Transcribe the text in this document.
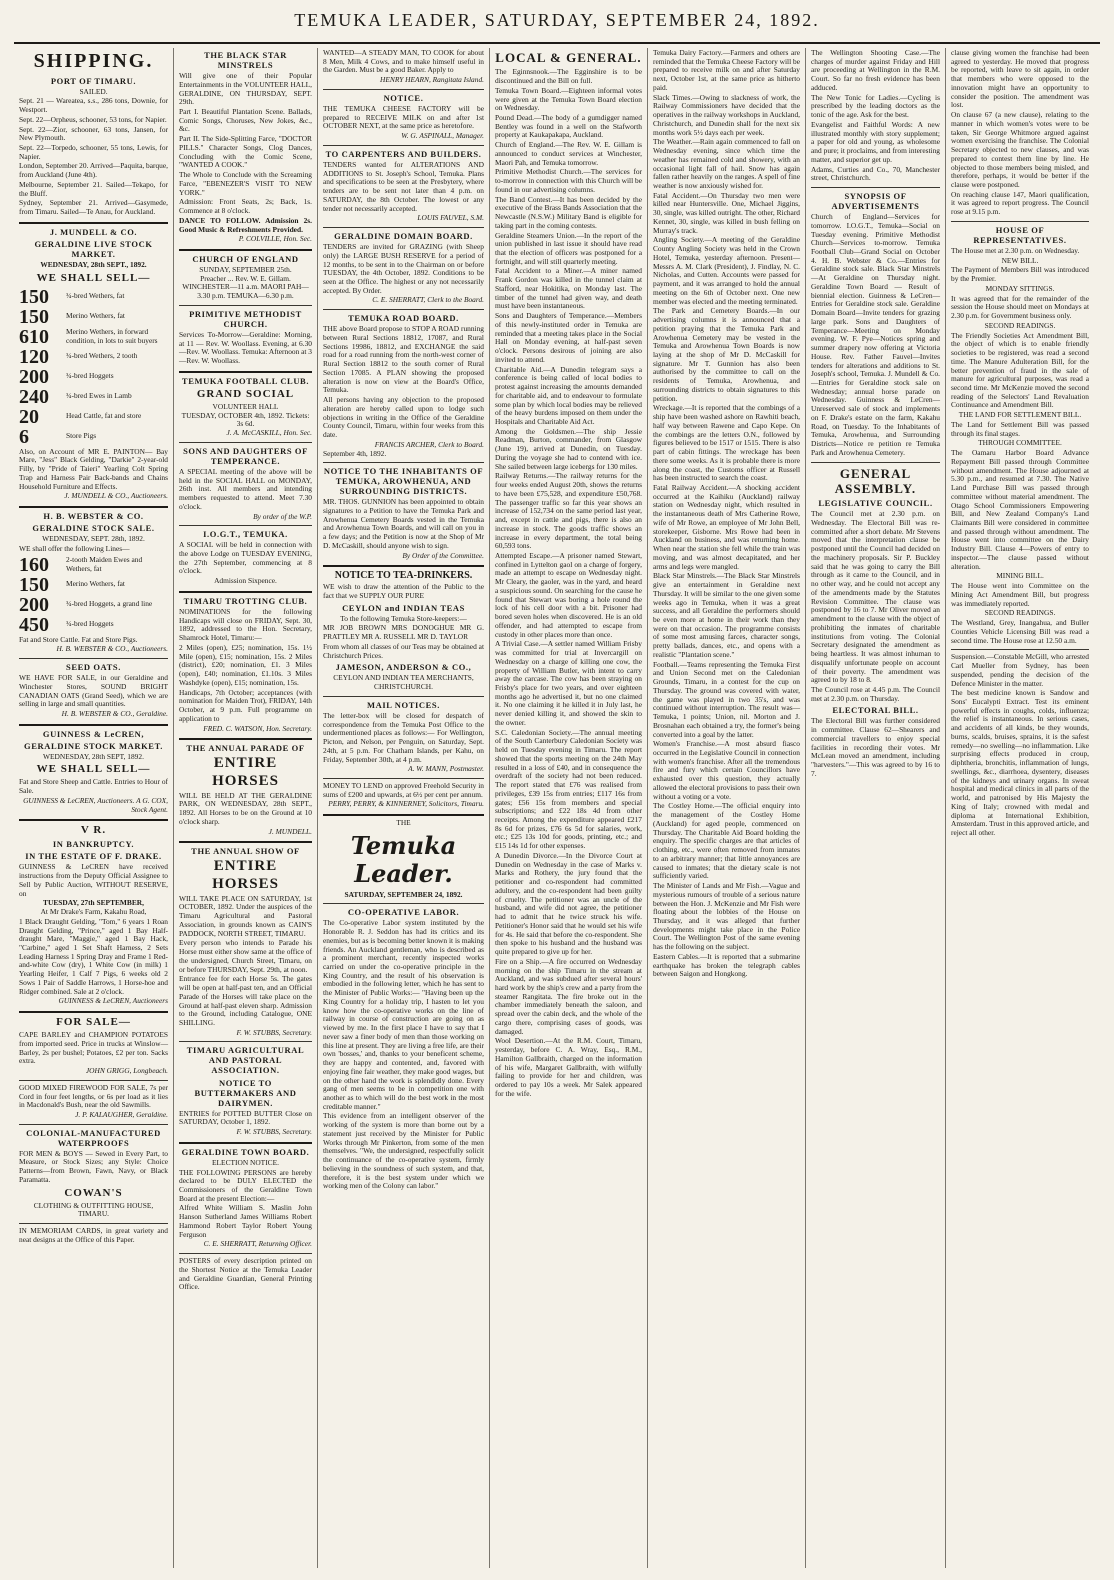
TEMUKA LEADER, SATURDAY, SEPTEMBER 24, 1892.
SHIPPING.
PORT OF TIMARU.
SAILED.
Sept. 21 — Wareatea, s.s., 286 tons, Downie, for Westport.
Sept. 22—Orpheus, schooner, 53 tons, for Napier.
Sept. 22—Zior, schooner, 63 tons, Jansen, for New Plymouth.
Sept. 22—Torpedo, schooner, 55 tons, Lewis, for Napier.
London, September 20. Arrived—Paquita, barque, from Auckland (June 4th).
Melbourne, September 21. Sailed—Tekapo, for the Bluff.
Sydney, September 21. Arrived—Gasymede, from Timaru. Sailed—Te Anau, for Auckland.
J. MUNDELL & CO.
GERALDINE LIVE STOCK MARKET.
WEDNESDAY, 28th SEPT., 1892.
WE SHALL SELL—
150	¾-bred Wethers, fat
150	Merino Wethers, fat
610	Merino Wethers, in forward condition, in lots to suit buyers
120	¾-bred Wethers, 2 tooth
200	¾-bred Hoggets
240	¾-bred Ewes in Lamb
20	Head Cattle, fat and store
6	Store Pigs
Also, on Account of MR E. PAINTON— Bay Mare, "Jess" Black Gelding, "Darkie" 2-year-old Filly, by "Pride of Taieri" Yearling Colt Spring Trap and Harness Pair Back-bands and Chains Household Furniture and Effects.
J. MUNDELL & CO., Auctioneers.
H. B. WEBSTER & CO.
GERALDINE STOCK SALE.
WEDNESDAY, SEPT. 28th, 1892.
WE shall offer the following Lines—
160	2-tooth Maiden Ewes and Wethers, fat
150	Merino Wethers, fat
200	¾-bred Hoggets, a grand line
450	¾-bred Hoggets
Fat and Store Cattle. Fat and Store Pigs.
H. B. WEBSTER & CO., Auctioneers.
SEED OATS.
WE HAVE FOR SALE, in our Geraldine and Winchester Stores, SOUND BRIGHT CANADIAN OATS (Grand Seed), which we are selling in large and small quantities.
H. B. WEBSTER & CO., Geraldine.
GUINNESS & LeCREN,
GERALDINE STOCK MARKET.
WEDNESDAY, 28th SEPT, 1892.
WE SHALL SELL—
Fat and Store Sheep and Cattle. Entries to Hour of Sale.
GUINNESS & LeCREN, Auctioneers. A G. COX, Stock Agent.
V R.
IN BANKRUPTCY.
IN THE ESTATE OF F. DRAKE.
GUINNESS & LeCREN have received instructions from the Deputy Official Assignee to Sell by Public Auction, WITHOUT RESERVE, on
TUESDAY, 27th SEPTEMBER,
At Mr Drake's Farm, Kakahu Road,
1 Black Draught Gelding, "Tom," 6 years 1 Roan Draught Gelding, "Prince," aged 1 Bay Half-draught Mare, "Maggie," aged 1 Bay Hack, "Carbine," aged 1 Set Shaft Harness, 2 Sets Leading Harness 1 Spring Dray and Frame 1 Red-and-white Cow (dry), 1 White Cow (in milk) 1 Yearling Heifer, 1 Calf 7 Pigs, 6 weeks old 2 Sows 1 Pair of Saddle Harrows, 1 Horse-hoe and Ridger combined. Sale at 2 o'clock.
GUINNESS & LeCREN, Auctioneers
FOR SALE—
CAPE BARLEY and CHAMPION POTATOES from imported seed. Price in trucks at Winslow—Barley, 2s per bushel; Potatoes, £2 per ton. Sacks extra.
JOHN GRIGG, Longbeach.
GOOD MIXED FIREWOOD FOR SALE, 7s per Cord in four feet lengths, or 6s per load as it lies in Macdonald's Bush, near the old Sawmills.
J. P. KALAUGHER, Geraldine.
COLONIAL-MANUFACTURED WATERPROOFS
FOR MEN & BOYS — Sewed in Every Part, to Measure, or Stock Sizes; any Style: Choice Patterns—from Brown, Fawn, Navy, or Black Paramatta.
COWAN'S
CLOTHING & OUTFITTING HOUSE, TIMARU.
IN MEMORIAM CARDS, in great variety and neat designs at the Office of this Paper.
THE BLACK STAR MINSTRELS
Will give one of their Popular Entertainments in the VOLUNTEER HALL, GERALDINE, ON THURSDAY, SEPT. 29th.
Part I. Beautiful Plantation Scene. Ballads, Comic Songs, Choruses, New Jokes, &c., &c.
Part II. The Side-Splitting Farce, "DOCTOR PILLS." Character Songs, Clog Dances, Concluding with the Comic Scene, "WANTED A COOK."
The Whole to Conclude with the Screaming Farce, "EBENEZER'S VISIT TO NEW YORK."
Admission: Front Seats, 2s; Back, 1s. Commence at 8 o'clock.
DANCE TO FOLLOW. Admission 2s. Good Music & Refreshments Provided.
P. COLVILLE, Hon. Sec.
CHURCH OF ENGLAND
SUNDAY, SEPTEMBER 25th.
Preacher ... Rev. W. E. Gillam.
WINCHESTER—11 a.m. MAORI PAH—3.30 p.m. TEMUKA—6.30 p.m.
PRIMITIVE METHODIST CHURCH.
Services To-Morrow—Geraldine: Morning, at 11 — Rev. W. Woollass. Evening, at 6.30—Rev. W. Woollass. Temuka: Afternoon at 3—Rev. W. Woollass.
TEMUKA FOOTBALL CLUB.
GRAND SOCIAL
VOLUNTEER HALL
TUESDAY, OCTOBER 4th, 1892. Tickets: 3s 6d.
J. A. McCASKILL, Hon. Sec.
SONS AND DAUGHTERS OF TEMPERANCE.
A SPECIAL meeting of the above will be held in the SOCIAL HALL on MONDAY, 26th inst. All members and intending members requested to attend. Meet 7.30 o'clock.
By order of the W.P.
I.O.G.T., TEMUKA.
A SOCIAL will be held in connection with the above Lodge on TUESDAY EVENING, the 27th September, commencing at 8 o'clock.
Admission Sixpence.
TIMARU TROTTING CLUB.
NOMINATIONS for the following Handicaps will close on FRIDAY, Sept. 30, 1892, addressed to the Hon. Secretary, Shamrock Hotel, Timaru:—
2 Miles (open), £25; nomination, 15s. 1½ Mile (open), £15; nomination, 15s. 2 Miles (district), £20; nomination, £1. 3 Miles (open), £40; nomination, £1.10s. 3 Miles Washdyke (open), £15; nomination, 15s.
Handicaps, 7th October; acceptances (with nomination for Maiden Trot), FRIDAY, 14th October, at 9 p.m. Full programme on application to
FRED. C. WATSON, Hon. Secretary.
THE ANNUAL PARADE OF
ENTIRE HORSES
WILL BE HELD AT THE GERALDINE PARK, ON WEDNESDAY, 28th SEPT., 1892. All Horses to be on the Ground at 10 o'clock sharp.
J. MUNDELL.
THE ANNUAL SHOW OF
ENTIRE HORSES
WILL TAKE PLACE ON SATURDAY, 1st OCTOBER, 1892. Under the auspices of the Timaru Agricultural and Pastoral Association, in grounds known as CAIN'S PADDOCK, NORTH STREET, TIMARU.
Every person who intends to Parade his Horse must either show same at the office of the undersigned, Church Street, Timaru, on or before THURSDAY, Sept. 29th, at noon.
Entrance fee for each Horse 5s. The gates will be open at half-past ten, and an Official Parade of the Horses will take place on the Ground at half-past eleven sharp. Admission to the Ground, including Catalogue, ONE SHILLING.
F. W. STUBBS, Secretary.
TIMARU AGRICULTURAL AND PASTORAL ASSOCIATION.
NOTICE TO BUTTERMAKERS AND DAIRYMEN.
ENTRIES for POTTED BUTTER Close on SATURDAY, October 1, 1892.
F. W. STUBBS, Secretary.
GERALDINE TOWN BOARD.
ELECTION NOTICE.
THE FOLLOWING PERSONS are hereby declared to be DULY ELECTED the Commissioners of the Geraldine Town Board at the present Election:—
Alfred White William S. Maslin John Hanson Sutherland James Williams Robert Hammond Robert Taylor Robert Young Ferguson
C. E. SHERRATT, Returning Officer.
POSTERS of every description printed on the Shortest Notice at the Temuka Leader and Geraldine Guardian, General Printing Office.
WANTED—A STEADY MAN, TO COOK for about 8 Men, Milk 4 Cows, and to make himself useful in the Garden. Must be a good Baker. Apply to
HENRY HEARN, Rangitata Island.
NOTICE.
THE TEMUKA CHEESE FACTORY will be prepared to RECEIVE MILK on and after 1st OCTOBER NEXT, at the same price as heretofore.
W. G. ASPINALL, Manager.
TO CARPENTERS AND BUILDERS.
TENDERS wanted for ALTERATIONS AND ADDITIONS to St. Joseph's School, Temuka. Plans and specifications to be seen at the Presbytery, where tenders are to be sent not later than 4 p.m. on SATURDAY, the 8th October. The lowest or any tender not necessarily accepted.
LOUIS FAUVEL, S.M.
GERALDINE DOMAIN BOARD.
TENDERS are invited for GRAZING (with Sheep only) the LARGE BUSH RESERVE for a period of 12 months, to be sent in to the Chairman on or before TUESDAY, the 4th October, 1892. Conditions to be seen at the Office. The highest or any not necessarily accepted. By Order.
C. E. SHERRATT, Clerk to the Board.
TEMUKA ROAD BOARD.
THE above Board propose to STOP A ROAD running between Rural Sections 18812, 17087, and Rural Sections 19986, 18812, and EXCHANGE the said road for a road running from the north-west corner of Rural Section 18812 to the south corner of Rural Section 17085. A PLAN showing the proposed alteration is now on view at the Board's Office, Temuka.
All persons having any objection to the proposed alteration are hereby called upon to lodge such objections in writing in the Office of the Geraldine County Council, Timaru, within four weeks from this date.
FRANCIS ARCHER, Clerk to Board.
September 4th, 1892.
NOTICE TO THE INHABITANTS OF TEMUKA, AROWHENUA, AND SURROUNDING DISTRICTS.
MR. THOS. GUNNION has been appointed to obtain signatures to a Petition to have the Temuka Park and Arowhenua Cemetery Boards vested in the Temuka and Arowhenua Town Boards, and will call on you in a few days; and the Petition is now at the Shop of Mr D. McCaskill, should anyone wish to sign.
By Order of the Committee.
NOTICE TO TEA-DRINKERS.
WE wish to draw the attention of the Public to the fact that we SUPPLY OUR PURE
CEYLON and INDIAN TEAS
To the following Temuka Store-keepers:—
MR JOB BROWN MRS DONOGHUE MR G. PRATTLEY MR A. RUSSELL MR D. TAYLOR
From whom all classes of our Teas may be obtained at Christchurch Prices.
JAMESON, ANDERSON & CO.,
CEYLON AND INDIAN TEA MERCHANTS, CHRISTCHURCH.
MAIL NOTICES.
The letter-box will be closed for despatch of correspondence from the Temuka Post Office to the undermentioned places as follows:— For Wellington, Picton, and Nelson, per Penguin, on Saturday, Sept. 24th, at 5 p.m. For Chatham Islands, per Kahu, on Friday, September 30th, at 4 p.m.
A. W. MANN, Postmaster.
MONEY TO LEND on approved Freehold Security in sums of £200 and upwards, at 6½ per cent per annum.
PERRY, PERRY, & KINNERNEY, Solicitors, Timaru.
THE
Temuka Leader.
SATURDAY, SEPTEMBER 24, 1892.
CO-OPERATIVE LABOR.
The Co-operative Labor system instituted by the Honorable R. J. Seddon has had its critics and its enemies, but as is becoming better known it is making friends. An Auckland gentleman, who is described as a prominent merchant, recently inspected works carried on under the co-operative principle in the King Country, and the result of his observation is embodied in the following letter, which he has sent to the Minister of Public Works:— "Having been up the King Country for a holiday trip, I hasten to let you know how the co-operative works on the line of railway in course of construction are going on as viewed by me. In the first place I have to say that I never saw a finer body of men than those working on this line at present. They are living a free life, are their own 'bosses,' and, thanks to your beneficent scheme, they are happy and contented, and, favored with enjoying fine fair weather, they make good wages, but on the other hand the work is splendidly done. Every gang of men seems to be in competition one with another as to which will do the best work in the most creditable manner."
This evidence from an intelligent observer of the working of the system is more than borne out by a statement just received by the Minister for Public Works through Mr Pinkerton, from some of the men themselves. "We, the undersigned, respectfully solicit the continuance of the co-operative system, firmly believing in the soundness of such system, and that, therefore, it is the best system under which we working men of the Colony can labor."
LOCAL & GENERAL.
The Eginnsnook.—The Egginshire is to be discontinued and the Bill on full.
Temuka Town Board.—Eighteen informal votes were given at the Temuka Town Board election on Wednesday.
Pound Dead.—The body of a gumdigger named Bentley was found in a well on the Stafworth property at Kaukapakapa, Auckland.
Church of England.—The Rev. W. E. Gillam is announced to conduct services at Winchester, Maori Pah, and Temuka tomorrow.
Primitive Methodist Church.—The services for to-morrow in connection with this Church will be found in our advertising columns.
The Band Contest.—It has been decided by the executive of the Brass Bands Association that the Newcastle (N.S.W.) Military Band is eligible for taking part in the coming contests.
Geraldine Steamers Union.—In the report of the union published in last issue it should have read that the election of officers was postponed for a fortnight, and will still quarterly meeting.
Fatal Accident to a Miner.—A miner named Frank Gordon was killed in the tunnel claim at Stafford, near Hokitika, on Monday last. The timber of the tunnel had given way, and death must have been instantaneous.
Sons and Daughters of Temperance.—Members of this newly-instituted order in Temuka are reminded that a meeting takes place in the Social Hall on Monday evening, at half-past seven o'clock. Persons desirous of joining are also invited to attend.
Charitable Aid.—A Dunedin telegram says a conference is being called of local bodies to protest against increasing the amounts demanded for charitable aid, and to endeavour to formulate some plan by which local bodies may be relieved of the heavy burdens imposed on them under the Hospitals and Charitable Aid Act.
Among the Goldsmen.—The ship Jessie Readman, Burton, commander, from Glasgow (June 19), arrived at Dunedin, on Tuesday. During the voyage she had to contend with ice. She sailed between large icebergs for 130 miles.
Railway Returns.—The railway returns for the four weeks ended August 20th, shows the returns to have been £75,528, and expenditure £50,768. The passenger traffic so far this year shows an increase of 152,734 on the same period last year, and, except in cattle and pigs, there is also an increase in stock. The goods traffic shows an increase in every department, the total being 60,593 tons.
Attempted Escape.—A prisoner named Stewart, confined in Lyttelton gaol on a charge of forgery, made an attempt to escape on Wednesday night. Mr Cleary, the gaoler, was in the yard, and heard a suspicious sound. On searching for the cause he found that Stewart was boring a hole round the lock of his cell door with a bit. Prisoner had bored seven holes when discovered. He is an old offender, and had attempted to escape from custody in other places more than once.
A Trivial Case.—A settler named William Frisby was committed for trial at Invercargill on Wednesday on a charge of killing one cow, the property of William Butler, with intent to carry away the carcase. The cow has been straying on Frisby's place for two years, and over eighteen months ago he advertised it, but no one claimed it. No one claiming it he killed it in July last, he never denied killing it, and showed the skin to the owner.
S.C. Caledonian Society.—The annual meeting of the South Canterbury Caledonian Society was held on Tuesday evening in Timaru. The report showed that the sports meeting on the 24th May resulted in a loss of £40, and in consequence the overdraft of the society had not been reduced. The report stated that £76 was realised from privileges, £39 15s from entries; £117 16s from gates; £56 15s from members and special subscriptions; and £22 18s 4d from other receipts. Among the expenditure appeared £217 8s 6d for prizes, £76 6s 5d for salaries, work, etc.; £25 13s 10d for goods, printing, etc.; and £15 14s 1d for other expenses.
A Dunedin Divorce.—In the Divorce Court at Dunedin on Wednesday in the case of Marks v. Marks and Rothery, the jury found that the petitioner and co-respondent had committed adultery, and the co-respondent had been guilty of cruelty. The petitioner was an uncle of the husband, and wife did not agree, the petitioner had to admit that he twice struck his wife. Petitioner's Honor said that he would set his wife for 4s. He said that before the co-respondent. She then spoke to his husband and the husband was quite prepared to give up for her.
Fire on a Ship.—A fire occurred on Wednesday morning on the ship Timaru in the stream at Auckland, and was subdued after several hours' hard work by the ship's crew and a party from the steamer Rangitata. The fire broke out in the chamber immediately beneath the saloon, and spread over the cabin deck, and the whole of the cargo there, comprising cases of goods, was damaged.
Wool Desertion.—At the R.M. Court, Timaru, yesterday, before C. A. Wray, Esq., R.M., Hamilton Gallbraith, charged on the information of his wife, Margaret Gallbraith, with wilfully failing to provide for her and children, was ordered to pay 10s a week. Mr Salek appeared for the wife.
Temuka Dairy Factory.—Farmers and others are reminded that the Temuka Cheese Factory will be prepared to receive milk on and after Saturday next, October 1st, at the same price as hitherto paid.
Slack Times.—Owing to slackness of work, the Railway Commissioners have decided that the operatives in the railway workshops in Auckland, Christchurch, and Dunedin shall for the next six months work 5½ days each per week.
The Weather.—Rain again commenced to fall on Wednesday evening, since which time the weather has remained cold and showery, with an occasional light fall of hail. Snow has again fallen rather heavily on the ranges. A spell of fine weather is now anxiously wished for.
Fatal Accident.—On Thursday two men were killed near Huntersville. One, Michael Jiggins, 30, single, was killed outright. The other, Richard Kennet, 30, single, was killed in bush felling on Murray's track.
Angling Society.—A meeting of the Geraldine County Angling Society was held in the Crown Hotel, Temuka, yesterday afternoon. Present—Messrs A. M. Clark (President), J. Findlay, N. C. Nicholas, and Cutten. Accounts were passed for payment, and it was arranged to hold the annual meeting on the 6th of October next. One new member was elected and the meeting terminated.
The Park and Cemetery Boards.—In our advertising columns it is announced that a petition praying that the Temuka Park and Arowhenua Cemetery may be vested in the Temuka and Arowhenua Town Boards is now laying at the shop of Mr D. McCaskill for signature. Mr T. Gunnion has also been authorised by the committee to call on the residents of Temuka, Arowhenua, and surrounding districts to obtain signatures to this petition.
Wreckage.—It is reported that the combings of a ship have been washed ashore on Rawhiti beach, half way between Rawene and Capo Kepe. On the combings are the letters O.N., followed by figures believed to be 1517 or 1515. There is also part of cabin fittings. The wreckage has been there some weeks. As it is probable there is more along the coast, the Customs officer at Russell has been instructed to search the coast.
Fatal Railway Accident.—A shocking accident occurred at the Kaihiku (Auckland) railway station on Wednesday night, which resulted in the instantaneous death of Mrs Catherine Rowe, wife of Mr Rowe, an employee of Mr John Bell, storekeeper, Gisborne. Mrs Rowe had been in Auckland on business, and was returning home. When near the station she fell while the train was moving, and was almost decapitated, and her arms and legs were mangled.
Black Star Minstrels.—The Black Star Minstrels give an entertainment in Geraldine next Thursday. It will be similar to the one given some weeks ago in Temuka, when it was a great success, and all Geraldine the performers should be even more at home in their work than they were on that occasion. The programme consists of some most amusing farces, character songs, pretty ballads, dances, etc., and opens with a realistic "Plantation scene."
Football.—Teams representing the Temuka First and Union Second met on the Caledonian Grounds, Timaru, in a contest for the cup on Thursday. The ground was covered with water, the game was played in two 35's, and was continued without interruption. The result was—Temuka, 1 points; Union, nil. Morton and J. Brosnahan each obtained a try, the former's being converted into a goal by the latter.
Women's Franchise.—A most absurd fiasco occurred in the Legislative Council in connection with women's franchise. After all the tremendous fire and fury which certain Councillors have exhausted over this question, they actually allowed the electoral provisions to pass their own without a voting or a vote.
The Costley Home.—The official enquiry into the management of the Costley Home (Auckland) for aged people, commenced on Thursday. The Charitable Aid Board holding the enquiry. The specific charges are that articles of clothing, etc., were often removed from inmates to an arbitrary manner; that little annoyances are caused to inmates; that the dietary scale is not sufficiently varied.
The Minister of Lands and Mr Fish.—Vague and mysterious rumours of trouble of a serious nature between the Hon. J. McKenzie and Mr Fish were floating about the lobbies of the House on Thursday, and it was alleged that further developments might take place in the Police Court. The Wellington Post of the same evening has the following on the subject.
Eastern Cables.—It is reported that a submarine earthquake has broken the telegraph cables between Saigon and Hongkong.
The Wellington Shooting Case.—The charges of murder against Friday and Hill are proceeding at Wellington in the R.M. Court. So far no fresh evidence has been adduced.
The New Tonic for Ladies.—Cycling is prescribed by the leading doctors as the tonic of the age. Ask for the best.
Evangelist and Faithful Words: A new illustrated monthly with story supplement; a paper for old and young, as wholesome and pure; it proclaims, and from interesting matter, and superior get up.
Adams, Curties and Co., 70, Manchester street, Christchurch.
SYNOPSIS OF ADVERTISEMENTS
Church of England—Services for tomorrow. I.O.G.T., Temuka—Social on Tuesday evening. Primitive Methodist Church—Services to-morrow. Temuka Football Club—Grand Social on October 4. H. B. Webster & Co.—Entries for Geraldine stock sale. Black Star Minstrels—At Geraldine on Thursday night. Geraldine Town Board — Result of biennial election. Guinness & LeCren—Entries for Geraldine stock sale. Geraldine Domain Board—Invite tenders for grazing large park. Sons and Daughters of Temperance—Meeting on Monday evening. W. F. Pye—Notices spring and summer drapery now offering at Victoria House. Rev. Father Fauvel—Invites tenders for alterations and additions to St. Joseph's school, Temuka. J. Mundell & Co.—Entries for Geraldine stock sale on Wednesday; annual horse parade on Wednesday. Guinness & LeCren—Unreserved sale of stock and implements on F. Drake's estate on the farm, Kakahu Road, on Tuesday. To the Inhabitants of Temuka, Arowhenua, and Surrounding Districts—Notice re petition re Temuka Park and Arowhenua Cemetery.
GENERAL ASSEMBLY.
LEGISLATIVE COUNCIL.
The Council met at 2.30 p.m. on Wednesday. The Electoral Bill was re-committed after a short debate. Mr Stevens moved that the interpretation clause be postponed until the Council had decided on the machinery proposals. Sir P. Buckley said that he was going to carry the Bill through as it came to the Council, and in no other way, and he could not accept any of the amendments made by the Statutes Revision Committee. The clause was postponed by 16 to 7. Mr Oliver moved an amendment to the clause with the object of prohibiting the inmates of charitable institutions from voting. The Colonial Secretary designated the amendment as being heartless. It was almost inhuman to disqualify unfortunate people on account of their poverty. The amendment was agreed to by 18 to 8.
The Council rose at 4.45 p.m. The Council met at 2.30 p.m. on Thursday.
ELECTORAL BILL.
The Electoral Bill was further considered in committee. Clause 62—Shearers and commercial travellers to enjoy special facilities in recording their votes. Mr McLean moved an amendment, including "harvesters."—This was agreed to by 16 to 7.
clause giving women the franchise had been agreed to yesterday. He moved that progress be reported, with leave to sit again, in order that members who were opposed to the innovation might have an opportunity to consider the position. The amendment was lost.
On clause 67 (a new clause), relating to the manner in which women's votes were to be taken, Sir George Whitmore argued against women exercising the franchise. The Colonial Secretary objected to new clauses, and was prepared to contest them line by line. He objected to those members being misled, and therefore, perhaps, it would be better if the clause were postponed.
On reaching clause 147, Maori qualification, it was agreed to report progress. The Council rose at 9.15 p.m.
HOUSE OF REPRESENTATIVES.
The House met at 2.30 p.m. on Wednesday.
NEW BILL.
The Payment of Members Bill was introduced by the Premier.
MONDAY SITTINGS.
It was agreed that for the remainder of the session the House should meet on Mondays at 2.30 p.m. for Government business only.
SECOND READINGS.
The Friendly Societies Act Amendment Bill, the object of which is to enable friendly societies to be registered, was read a second time. The Manure Adulteration Bill, for the better prevention of fraud in the sale of manure for agricultural purposes, was read a second time. Mr McKenzie moved the second reading of the Selectors' Land Revaluation Continuance and Amendment Bill.
THE LAND FOR SETTLEMENT BILL.
The Land for Settlement Bill was passed through its final stages.
THROUGH COMMITTEE.
The Oamaru Harbor Board Advance Repayment Bill passed through Committee without amendment. The House adjourned at 5.30 p.m., and resumed at 7.30. The Native Land Purchase Bill was passed through committee without material amendment. The Otago School Commissioners Empowering Bill, and New Zealand Company's Land Claimants Bill were considered in committee and passed through without amendment. The House went into committee on the Dairy Industry Bill. Clause 4—Powers of entry to inspector.—The clause passed without alteration.
MINING BILL.
The House went into Committee on the Mining Act Amendment Bill, but progress was immediately reported.
SECOND READINGS.
The Westland, Grey, Inangahua, and Buller Counties Vehicle Licensing Bill was read a second time. The House rose at 12.50 a.m.
Suspension.—Constable McGill, who arrested Carl Mueller from Sydney, has been suspended, pending the decision of the Defence Minister in the matter.
The best medicine known is Sandow and Sons' Eucalypti Extract. Test its eminent powerful effects in coughs, colds, influenza; the relief is instantaneous. In serious cases, and accidents of all kinds, be they wounds, burns, scalds, bruises, sprains, it is the safest remedy—no swelling—no inflammation. Like surprising effects produced in croup, diphtheria, bronchitis, inflammation of lungs, swellings, &c., diarrhoea, dysentery, diseases of the kidneys and urinary organs. In sweat hospital and medical clinics in all parts of the world, and patronised by His Majesty the King of Italy; crowned with medal and diploma at International Exhibition, Amsterdam. Trust in this approved article, and reject all other.
